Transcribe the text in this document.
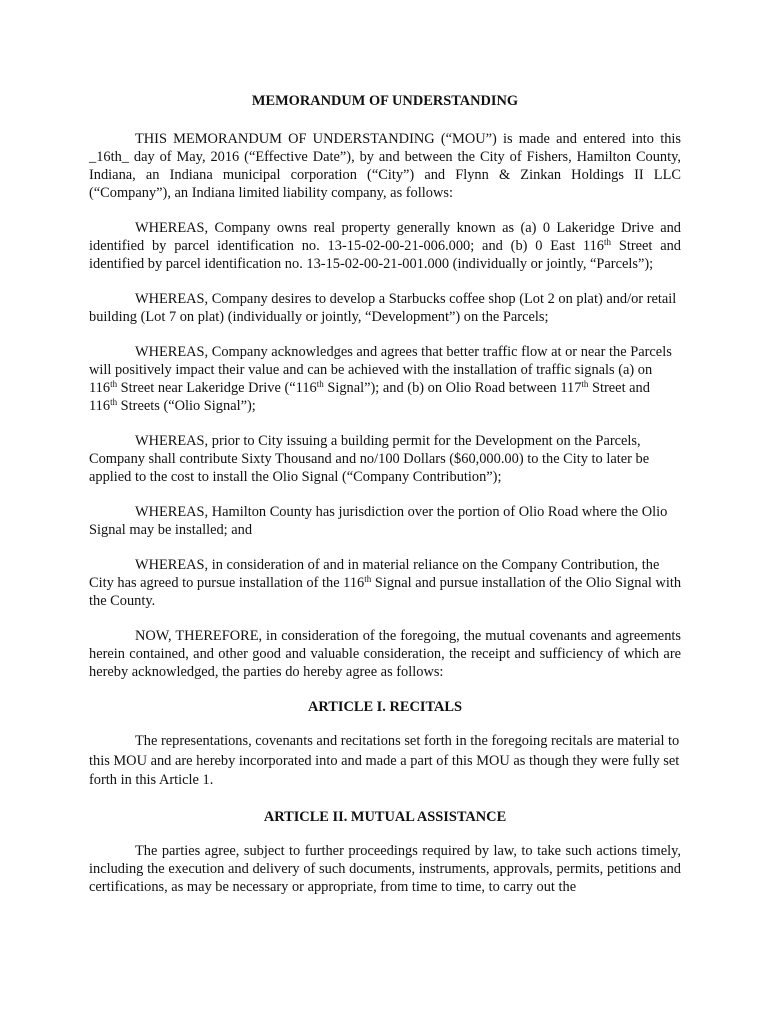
MEMORANDUM OF UNDERSTANDING

THIS MEMORANDUM OF UNDERSTANDING (“MOU”) is made and entered into this _16th_ day of May, 2016 (“Effective Date”), by and between the City of Fishers, Hamilton County, Indiana, an Indiana municipal corporation (“City”) and Flynn & Zinkan Holdings II LLC (“Company”), an Indiana limited liability company, as follows:

WHEREAS, Company owns real property generally known as (a) 0 Lakeridge Drive and identified by parcel identification no. 13-15-02-00-21-006.000; and (b) 0 East 116th Street and identified by parcel identification no. 13-15-02-00-21-001.000 (individually or jointly, “Parcels”);

WHEREAS, Company desires to develop a Starbucks coffee shop (Lot 2 on plat) and/or retail building (Lot 7 on plat) (individually or jointly, “Development”) on the Parcels;

WHEREAS, Company acknowledges and agrees that better traffic flow at or near the Parcels will positively impact their value and can be achieved with the installation of traffic signals (a) on 116th Street near Lakeridge Drive (“116th Signal”); and (b) on Olio Road between 117th Street and 116th Streets (“Olio Signal”);

WHEREAS, prior to City issuing a building permit for the Development on the Parcels, Company shall contribute Sixty Thousand and no/100 Dollars ($60,000.00) to the City to later be applied to the cost to install the Olio Signal (“Company Contribution”);

WHEREAS, Hamilton County has jurisdiction over the portion of Olio Road where the Olio Signal may be installed; and

WHEREAS, in consideration of and in material reliance on the Company Contribution, the City has agreed to pursue installation of the 116th Signal and pursue installation of the Olio Signal with the County.

NOW, THEREFORE, in consideration of the foregoing, the mutual covenants and agreements herein contained, and other good and valuable consideration, the receipt and sufficiency of which are hereby acknowledged, the parties do hereby agree as follows:

ARTICLE I. RECITALS

The representations, covenants and recitations set forth in the foregoing recitals are material to this MOU and are hereby incorporated into and made a part of this MOU as though they were fully set forth in this Article 1.

ARTICLE II. MUTUAL ASSISTANCE

The parties agree, subject to further proceedings required by law, to take such actions timely, including the execution and delivery of such documents, instruments, approvals, permits, petitions and certifications, as may be necessary or appropriate, from time to time, to carry out the
